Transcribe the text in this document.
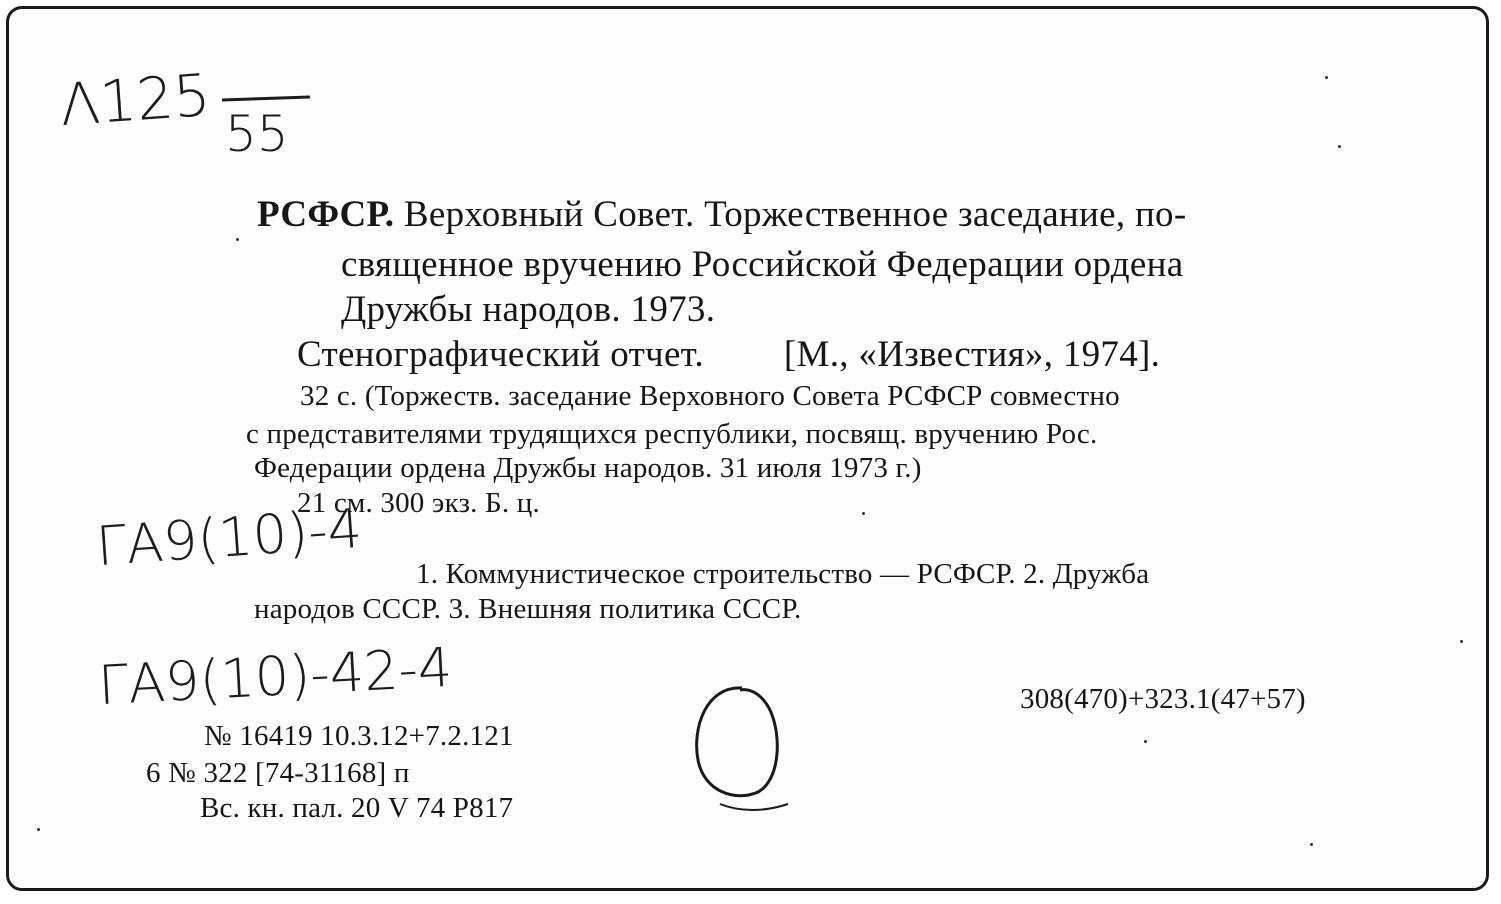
Λ125 55
РСФСР. Верховный Совет. Торжественное заседание, по-
священное вручению Российской Федерации ордена
Дружбы народов. 1973.
Стенографический отчет. [М., «Известия», 1974].
32 с. (Торжеств. заседание Верховного Совета РСФСР совместно
с представителями трудящихся республики, посвящ. вручению Рос.
Федерации ордена Дружбы народов. 31 июля 1973 г.)
21 см. 300 экз. Б. ц.
ГА9(10)-4 1. Коммунистическое строительство — РСФСР. 2. Дружба
народов СССР. 3. Внешняя политика СССР.
ГА9(10)-42-4	308(470)+323.1(47+57)
№ 16419 10.3.12+7.2.121
6 № 322 [74-31168] п
Вс. кн. пал. 20 V 74 Р817
